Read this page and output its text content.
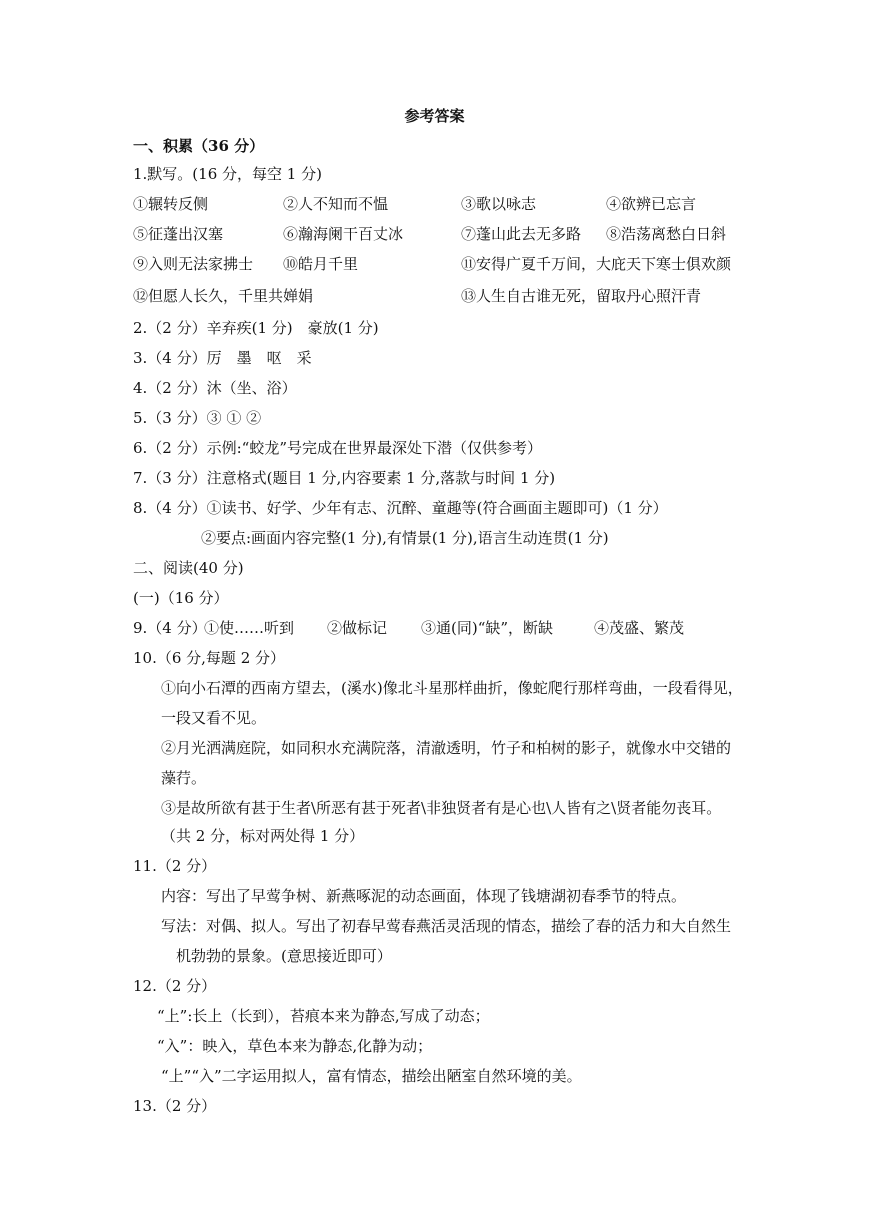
参考答案
一、积累（36 分）
1.默写。(16 分，每空 1 分)
①辗转反侧	②人不知而不愠	③歌以咏志	④欲辨已忘言
⑤征蓬出汉塞	⑥瀚海阑干百丈冰	⑦蓬山此去无多路 ⑧浩荡离愁白日斜
⑨入则无法家拂士 ⑩皓月千里	⑪安得广夏千万间，大庇天下寒士俱欢颜
⑫但愿人长久，千里共婵娟	⑬人生自古谁无死，留取丹心照汗青
2.（2 分）辛弃疾(1 分)　豪放(1 分)
3.（4 分）厉　墨　呕　采
4.（2 分）沐（坐、浴）
5.（3 分）③ ① ②
6.（2 分）示例:“蛟龙”号完成在世界最深处下潜（仅供参考）
7.（3 分）注意格式(题目 1 分,内容要素 1 分,落款与时间 1 分)
8.（4 分）①读书、好学、少年有志、沉醉、童趣等(符合画面主题即可)（1 分）
②要点:画面内容完整(1 分),有情景(1 分),语言生动连贯(1 分)
二、阅读(40 分)
(一)（16 分）
9.（4 分）
①使……听到 ②做标记 ③通(同)“缺”，断缺	④茂盛、繁茂
10.（6 分,每题 2 分）
①向小石潭的西南方望去，(溪水)像北斗星那样曲折，像蛇爬行那样弯曲，一段看得见，
一段又看不见。
②月光洒满庭院，如同积水充满院落，清澈透明，竹子和柏树的影子，就像水中交错的
藻荇。
③是故所欲有甚于生者\所恶有甚于死者\非独贤者有是心也\人皆有之\贤者能勿丧耳。
（共 2 分，标对两处得 1 分）
11.（2 分）
内容：写出了早莺争树、新燕啄泥的动态画面，体现了钱塘湖初春季节的特点。
写法：对偶、拟人。写出了初春早莺春燕活灵活现的情态，描绘了春的活力和大自然生
机勃勃的景象。(意思接近即可）
12.（2 分）
“上”:长上（长到），苔痕本来为静态,写成了动态；
“入”：映入，草色本来为静态,化静为动；
“上”“入”二字运用拟人，富有情态，描绘出陋室自然环境的美。
13.（2 分）
